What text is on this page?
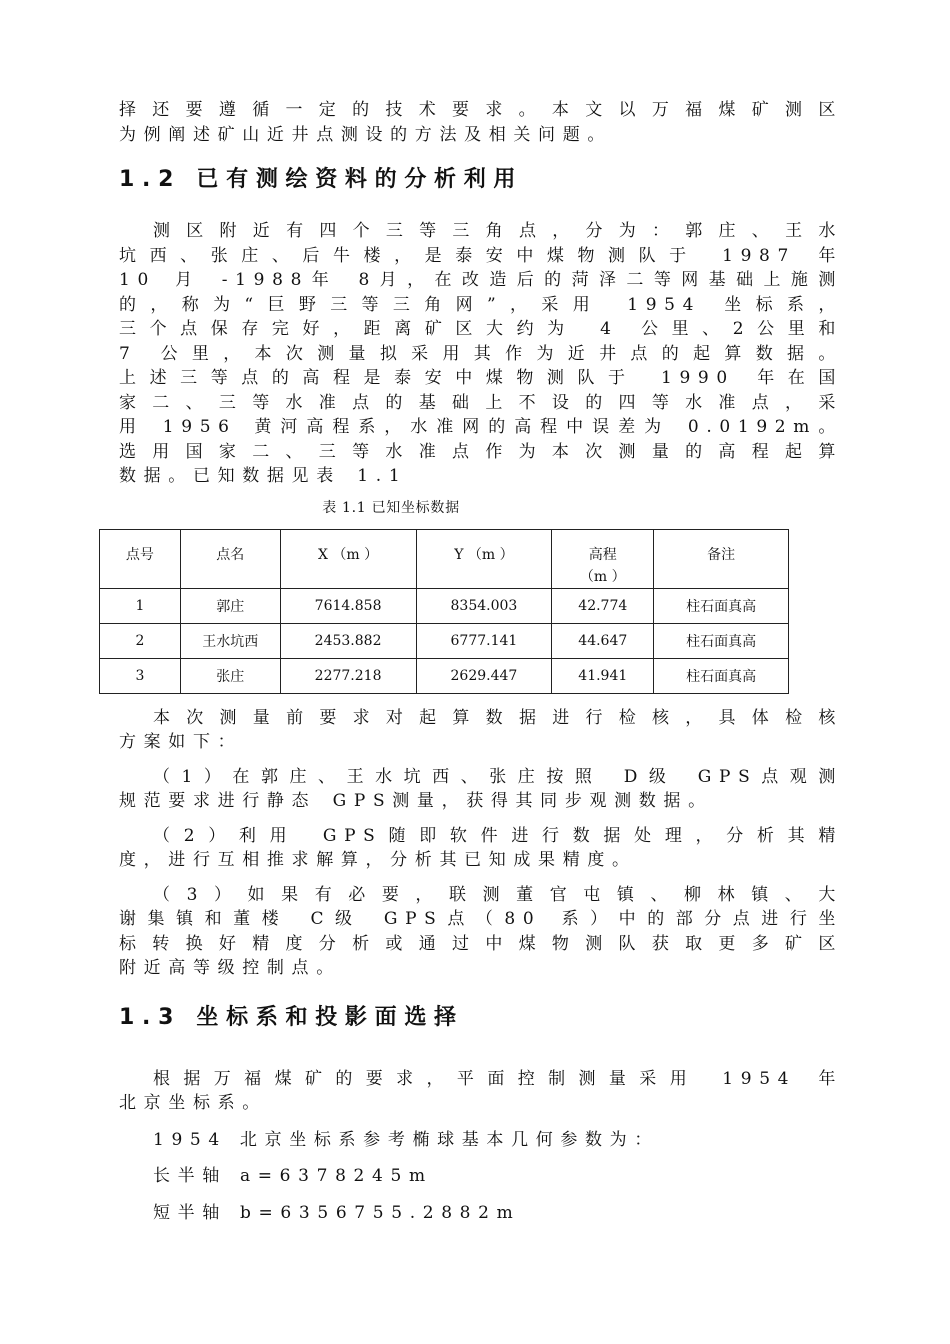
择还要遵循一定的技术要求。本文以万福煤矿测区

为例阐述矿山近井点测设的方法及相关问题。

1.2 已有测绘资料的分析利用

测区附近有四个三等三角点，分为：郭庄、王水

坑西、张庄、后牛楼，是泰安中煤物测队于 1987 年

10 月 -1988年 8月，在改造后的菏泽二等网基础上施测

的，称为“巨野三等三角网”，采用 1954 坐标系，

三个点保存完好，距离矿区大约为 4 公里、2公里和

7 公里，本次测量拟采用其作为近井点的起算数据。

上述三等点的高程是泰安中煤物测队于 1990 年在国

家二、三等水准点的基础上不设的四等水准点，采

用 1956 黄河高程系，水准网的高程中误差为 0.0192m。

选用国家二、三等水准点作为本次测量的高程起算

数据。已知数据见表 1.1

表 1.1 已知坐标数据

点号	点名	X （m ）	Y （m ）	高程
（m ）	备注
1	郭庄	7614.858	8354.003	42.774	柱石面真高
2	王水坑西	2453.882	6777.141	44.647	柱石面真高
3	张庄	2277.218	2629.447	41.941	柱石面真高

本次测量前要求对起算数据进行检核，具体检核

方案如下：

（1）在郭庄、王水坑西、张庄按照 D级 GPS点观测

规范要求进行静态 GPS测量，获得其同步观测数据。

（2）利用 GPS随即软件进行数据处理，分析其精

度，进行互相推求解算，分析其已知成果精度。

（3）如果有必要，联测董官屯镇、柳林镇、大

谢集镇和董楼 C级 GPS点（80 系）中的部分点进行坐

标转换好精度分析或通过中煤物测队获取更多矿区

附近高等级控制点。

1.3 坐标系和投影面选择

根据万福煤矿的要求，平面控制测量采用 1954 年

北京坐标系。

1954 北京坐标系参考椭球基本几何参数为：

长半轴 a=6378245m

短半轴 b=6356755.2882m
